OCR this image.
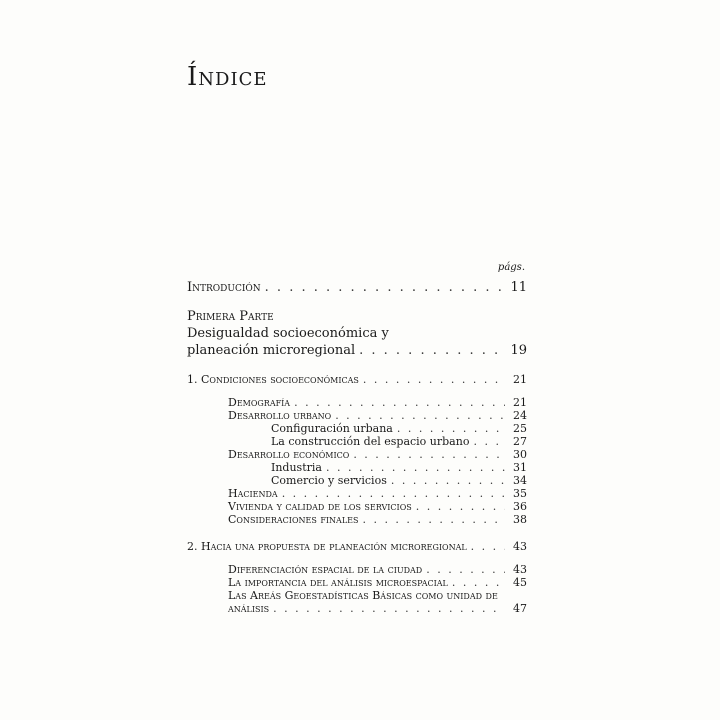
Índice
págs.
Introdución . . .	11
Primera Parte
Desigualdad socioeconómica y
planeación microregional . . .	19
1. Condiciones socioeconómicas . . .	21
Demografía . . .	21
Desarrollo urbano . . .	24
Configuración urbana . . .	25
La construcción del espacio urbano . . .	27
Desarrollo económico . . .	30
Industria . . .	31
Comercio y servicios . . .	34
Hacienda . . .	35
Vivienda y calidad de los servicios . . .	36
Consideraciones finales . . .	38
2. Hacia una propuesta de planeación microregional . . .	43
Diferenciación espacial de la ciudad . . .	43
La importancia del análisis microespacial . . .	45
Las Areás Geoestadísticas Básicas como unidad de
análisis . . .	47
